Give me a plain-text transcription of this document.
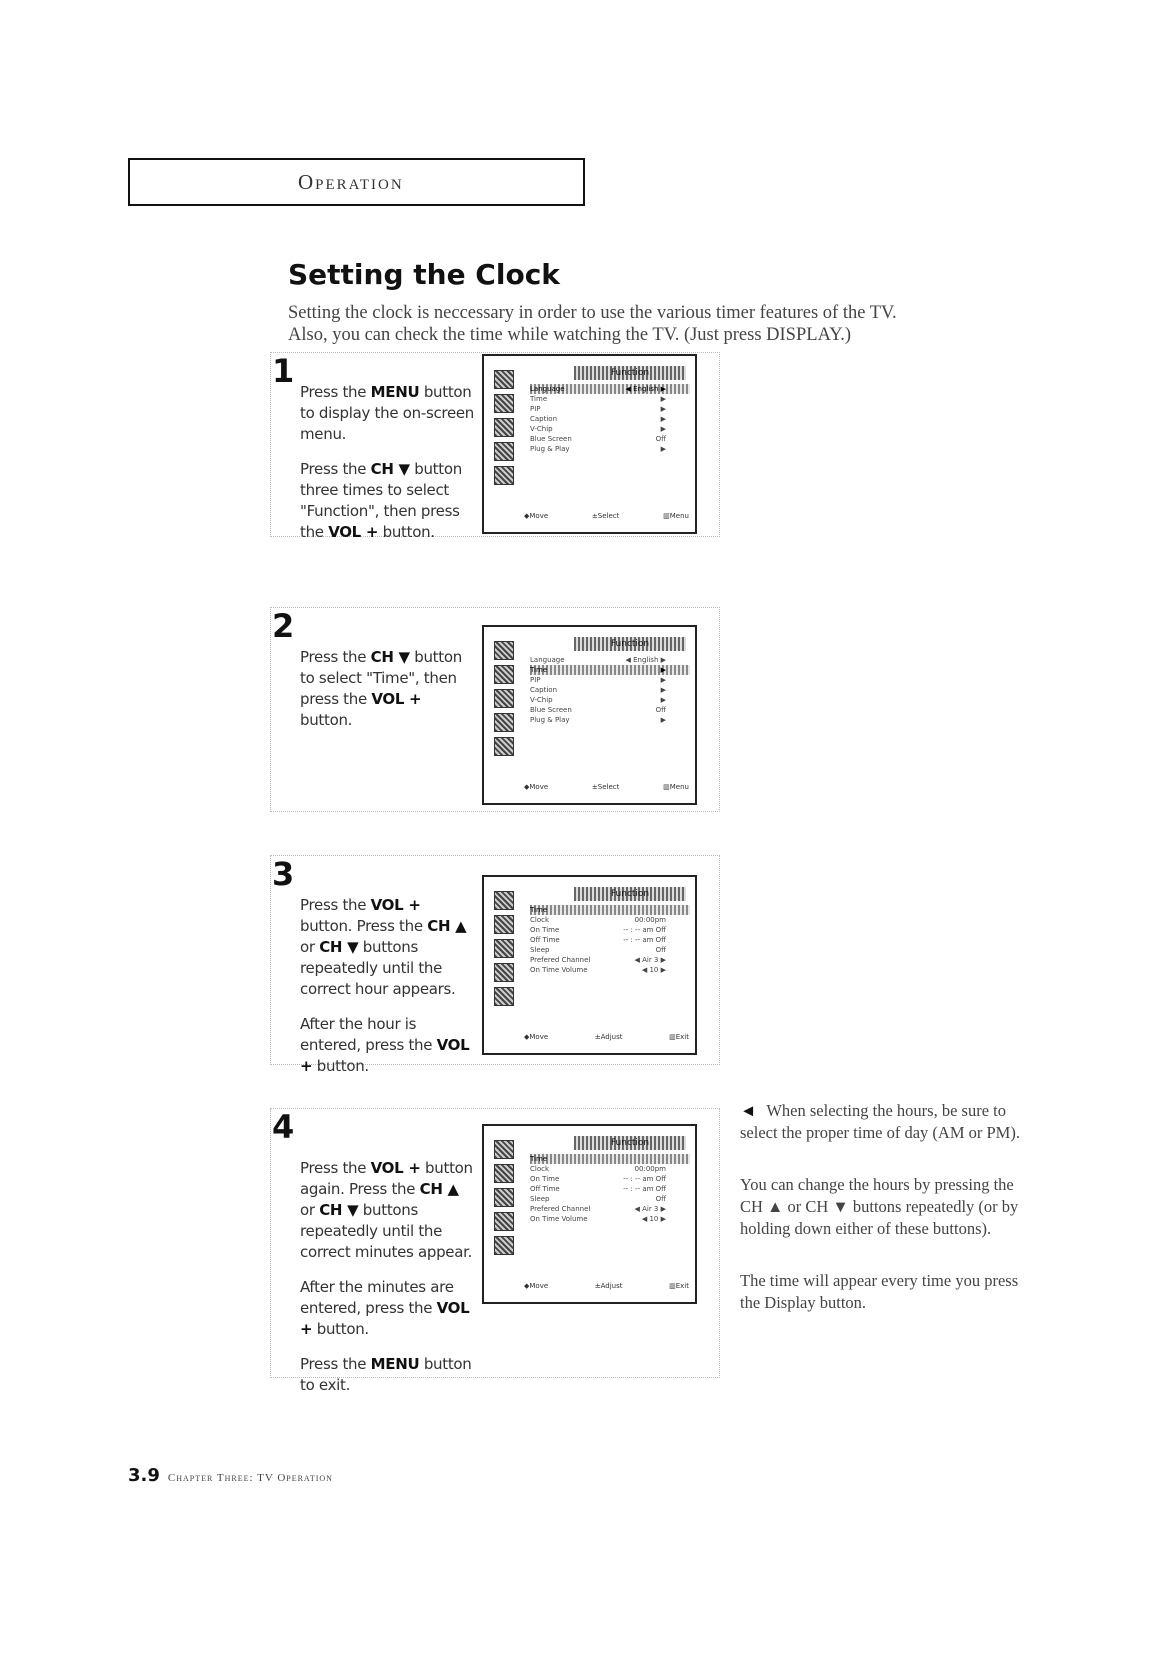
Operation
Setting the Clock

Setting the clock is neccessary in order to use the various timer features of the TV.

Also, you can check the time while watching the TV. (Just press DISPLAY.)

1

Press the MENU button to display the on-screen menu.

Press the CH ▼ button three times to select "Function", then press the VOL + button.

Function
Language	◀ English ▶
Time	▶
PIP	▶
Caption	▶
V-Chip	▶
Blue Screen	Off
Plug & Play	▶
◆Move	±Select	▥Menu
2

Press the CH ▼ button to select "Time", then press the VOL + button.

Function
Language	◀ English ▶
Time	▶
PIP	▶
Caption	▶
V-Chip	▶
Blue Screen	Off
Plug & Play	▶
◆Move	±Select	▥Menu
3

Press the VOL + button. Press the CH ▲ or CH ▼ buttons repeatedly until the correct hour appears.

After the hour is entered, press the VOL + button.

Function
Time
Clock	00:00pm
On Time	-- : -- am Off
Off Time	-- : -- am Off
Sleep	Off
Prefered Channel	◀ Air 3 ▶
On Time Volume	◀ 10 ▶
◆Move	±Adjust	▥Exit
4

Press the VOL + button again. Press the CH ▲ or CH ▼ buttons repeatedly until the correct minutes appear.

After the minutes are entered, press the VOL + button.

Press the MENU button to exit.

Function
Time
Clock	00:00pm
On Time	-- : -- am Off
Off Time	-- : -- am Off
Sleep	Off
Prefered Channel	◀ Air 3 ▶
On Time Volume	◀ 10 ▶
◆Move	±Adjust	▥Exit

◄ When selecting the hours, be sure to select the proper time of day (AM or PM).

You can change the hours by pressing the CH ▲ or CH ▼ buttons repeatedly (or by holding down either of these buttons).

The time will appear every time you press the Display button.

3.9 Chapter Three: TV Operation
